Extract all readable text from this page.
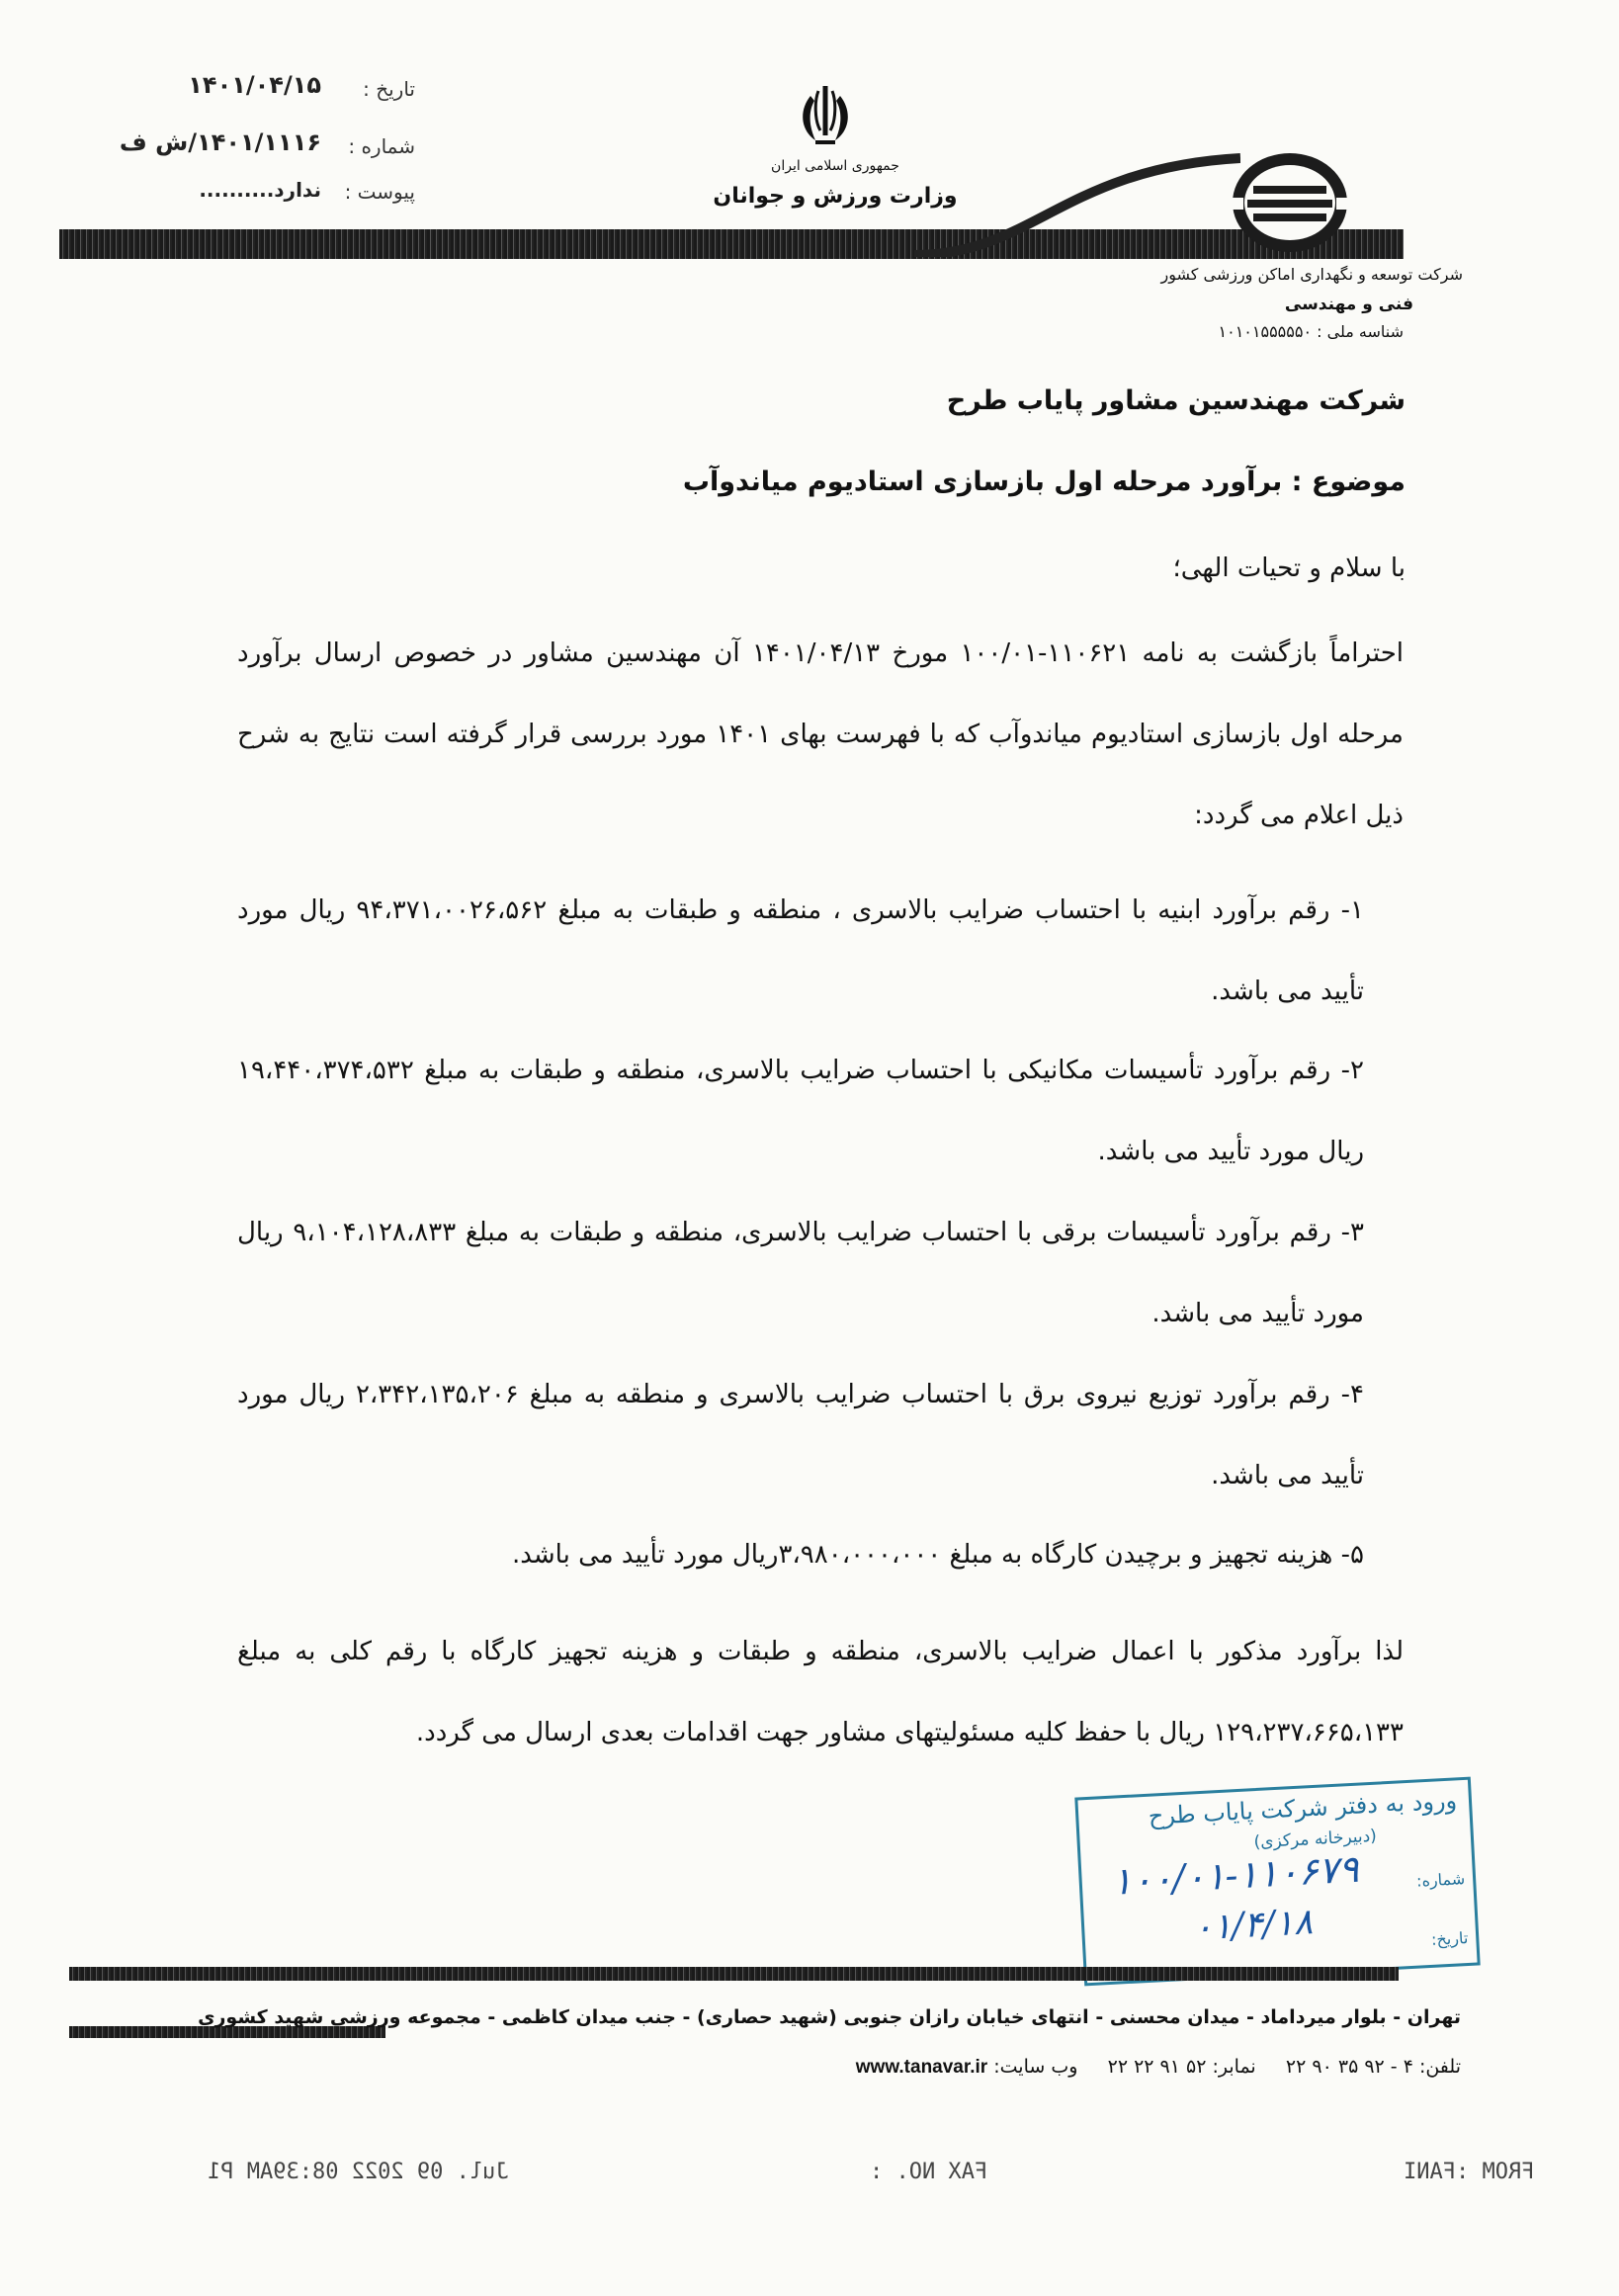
تاریخ :
۱۴۰۱/۰۴/۱۵
شماره :
۱۴۰۱/۱۱۱۶/ش ف
پیوست :
ندارد..........
جمهوری اسلامی ایران
وزارت ورزش و جوانان
شرکت توسعه و نگهداری اماکن ورزشی کشور
فنی و مهندسی
شناسه ملی : ۱۰۱۰۱۵۵۵۵۵۰
شرکت مهندسین مشاور پایاب طرح
موضوع : برآورد مرحله اول بازسازی استادیوم میاندوآب
با سلام و تحیات الهی؛
احتراماً بازگشت به نامه ۱۱۰۶۲۱-۱۰۰/۰۱ مورخ ۱۴۰۱/۰۴/۱۳ آن مهندسین مشاور در خصوص ارسال برآورد مرحله اول بازسازی استادیوم میاندوآب که با فهرست بهای ۱۴۰۱ مورد بررسی قرار گرفته است نتایج به شرح ذیل اعلام می گردد:
۱- رقم برآورد ابنیه با احتساب ضرایب بالاسری ، منطقه و طبقات به مبلغ ۹۴،۳۷۱،۰۰۲۶،۵۶۲ ریال مورد تأیید می باشد.
۲- رقم برآورد تأسیسات مکانیکی با احتساب ضرایب بالاسری، منطقه و طبقات به مبلغ ۱۹،۴۴۰،۳۷۴،۵۳۲ ریال مورد تأیید می باشد.
۳- رقم برآورد تأسیسات برقی با احتساب ضرایب بالاسری، منطقه و طبقات به مبلغ ۹،۱۰۴،۱۲۸،۸۳۳ ریال مورد تأیید می باشد.
۴- رقم برآورد توزیع نیروی برق با احتساب ضرایب بالاسری و منطقه به مبلغ ۲،۳۴۲،۱۳۵،۲۰۶ ریال مورد تأیید می باشد.
۵- هزینه تجهیز و برچیدن کارگاه به مبلغ ۳،۹۸۰،۰۰۰،۰۰۰ریال مورد تأیید می باشد.
لذا برآورد مذکور با اعمال ضرایب بالاسری، منطقه و طبقات و هزینه تجهیز کارگاه با رقم کلی به مبلغ ۱۲۹،۲۳۷،۶۶۵،۱۳۳ ریال با حفظ کلیه مسئولیتهای مشاور جهت اقدامات بعدی ارسال می گردد.
ورود به دفتر شرکت پایاب طرح
(دبیرخانه مرکزی)
شماره:
۱۰۰/۰۱-۱۱۰۶۷۹
تاریخ:
۰۱/۴/۱۸
تهران - بلوار میرداماد - میدان محسنی - انتهای خیابان رازان جنوبی (شهید حصاری) - جنب میدان کاظمی - مجموعه ورزشی شهید کشوری
تلفن: ۴ - ۹۲ ۳۵ ۹۰ ۲۲     نمابر: ۵۲ ۹۱ ۲۲ ۲۲     وب سایت: www.tanavar.ir
Jul. 09 2022 08:39AM P1	FAX NO. :	FROM :FANI
